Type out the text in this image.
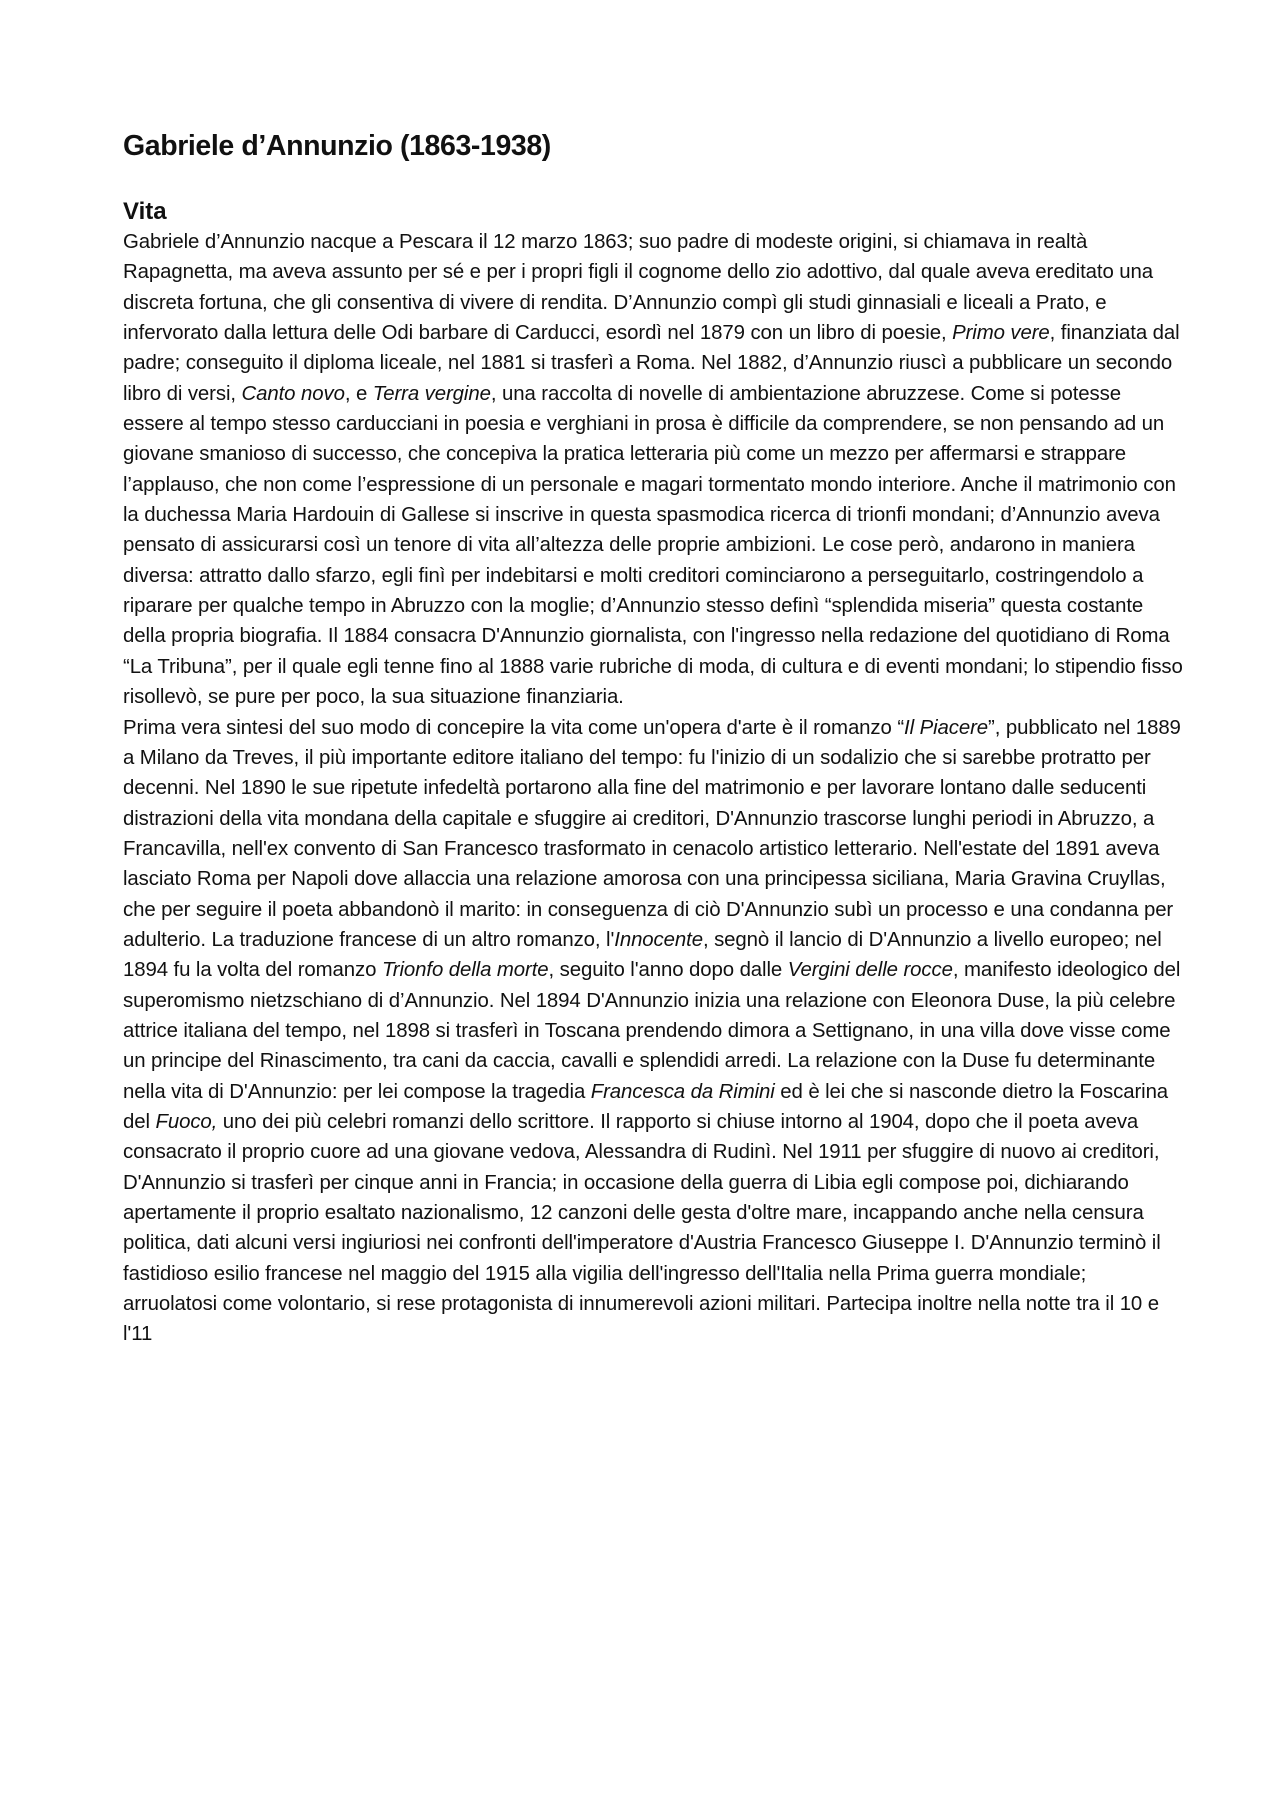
Gabriele d’Annunzio (1863-1938)
Vita

Gabriele d’Annunzio nacque a Pescara il 12 marzo 1863; suo padre di modeste origini, si chiamava in realtà Rapagnetta, ma aveva assunto per sé e per i propri figli il cognome dello zio adottivo, dal quale aveva ereditato una discreta fortuna, che gli consentiva di vivere di rendita. D’Annunzio compì gli studi ginnasiali e liceali a Prato, e infervorato dalla lettura delle Odi barbare di Carducci, esordì nel 1879 con un libro di poesie, Primo vere, finanziata dal padre; conseguito il diploma liceale, nel 1881 si trasferì a Roma. Nel 1882, d’Annunzio riuscì a pubblicare un secondo libro di versi, Canto novo, e Terra vergine, una raccolta di novelle di ambientazione abruzzese. Come si potesse essere al tempo stesso carducciani in poesia e verghiani in prosa è difficile da comprendere, se non pensando ad un giovane smanioso di successo, che concepiva la pratica letteraria più come un mezzo per affermarsi e strappare l’applauso, che non come l’espressione di un personale e magari tormentato mondo interiore. Anche il matrimonio con la duchessa Maria Hardouin di Gallese si inscrive in questa spasmodica ricerca di trionfi mondani; d’Annunzio aveva pensato di assicurarsi così un tenore di vita all’altezza delle proprie ambizioni. Le cose però, andarono in maniera diversa: attratto dallo sfarzo, egli finì per indebitarsi e molti creditori cominciarono a perseguitarlo, costringendolo a riparare per qualche tempo in Abruzzo con la moglie; d’Annunzio stesso definì “splendida miseria” questa costante della propria biografia. Il 1884 consacra D'Annunzio giornalista, con l'ingresso nella redazione del quotidiano di Roma “La Tribuna”, per il quale egli tenne fino al 1888 varie rubriche di moda, di cultura e di eventi mondani; lo stipendio fisso risollevò, se pure per poco, la sua situazione finanziaria.

Prima vera sintesi del suo modo di concepire la vita come un'opera d'arte è il romanzo “Il Piacere”, pubblicato nel 1889 a Milano da Treves, il più importante editore italiano del tempo: fu l'inizio di un sodalizio che si sarebbe protratto per decenni. Nel 1890 le sue ripetute infedeltà portarono alla fine del matrimonio e per lavorare lontano dalle seducenti distrazioni della vita mondana della capitale e sfuggire ai creditori, D'Annunzio trascorse lunghi periodi in Abruzzo, a Francavilla, nell'ex convento di San Francesco trasformato in cenacolo artistico letterario. Nell'estate del 1891 aveva lasciato Roma per Napoli dove allaccia una relazione amorosa con una principessa siciliana, Maria Gravina Cruyllas, che per seguire il poeta abbandonò il marito: in conseguenza di ciò D'Annunzio subì un processo e una condanna per adulterio. La traduzione francese di un altro romanzo, l'Innocente, segnò il lancio di D'Annunzio a livello europeo; nel 1894 fu la volta del romanzo Trionfo della morte, seguito l'anno dopo dalle Vergini delle rocce, manifesto ideologico del superomismo nietzschiano di d’Annunzio. Nel 1894 D'Annunzio inizia una relazione con Eleonora Duse, la più celebre attrice italiana del tempo, nel 1898 si trasferì in Toscana prendendo dimora a Settignano, in una villa dove visse come un principe del Rinascimento, tra cani da caccia, cavalli e splendidi arredi. La relazione con la Duse fu determinante nella vita di D'Annunzio: per lei compose la tragedia Francesca da Rimini ed è lei che si nasconde dietro la Foscarina del Fuoco, uno dei più celebri romanzi dello scrittore. Il rapporto si chiuse intorno al 1904, dopo che il poeta aveva consacrato il proprio cuore ad una giovane vedova, Alessandra di Rudinì. Nel 1911 per sfuggire di nuovo ai creditori, D'Annunzio si trasferì per cinque anni in Francia; in occasione della guerra di Libia egli compose poi, dichiarando apertamente il proprio esaltato nazionalismo, 12 canzoni delle gesta d'oltre mare, incappando anche nella censura politica, dati alcuni versi ingiuriosi nei confronti dell'imperatore d'Austria Francesco Giuseppe I. D'Annunzio terminò il fastidioso esilio francese nel maggio del 1915 alla vigilia dell'ingresso dell'Italia nella Prima guerra mondiale; arruolatosi come volontario, si rese protagonista di innumerevoli azioni militari. Partecipa inoltre nella notte tra il 10 e l'11
